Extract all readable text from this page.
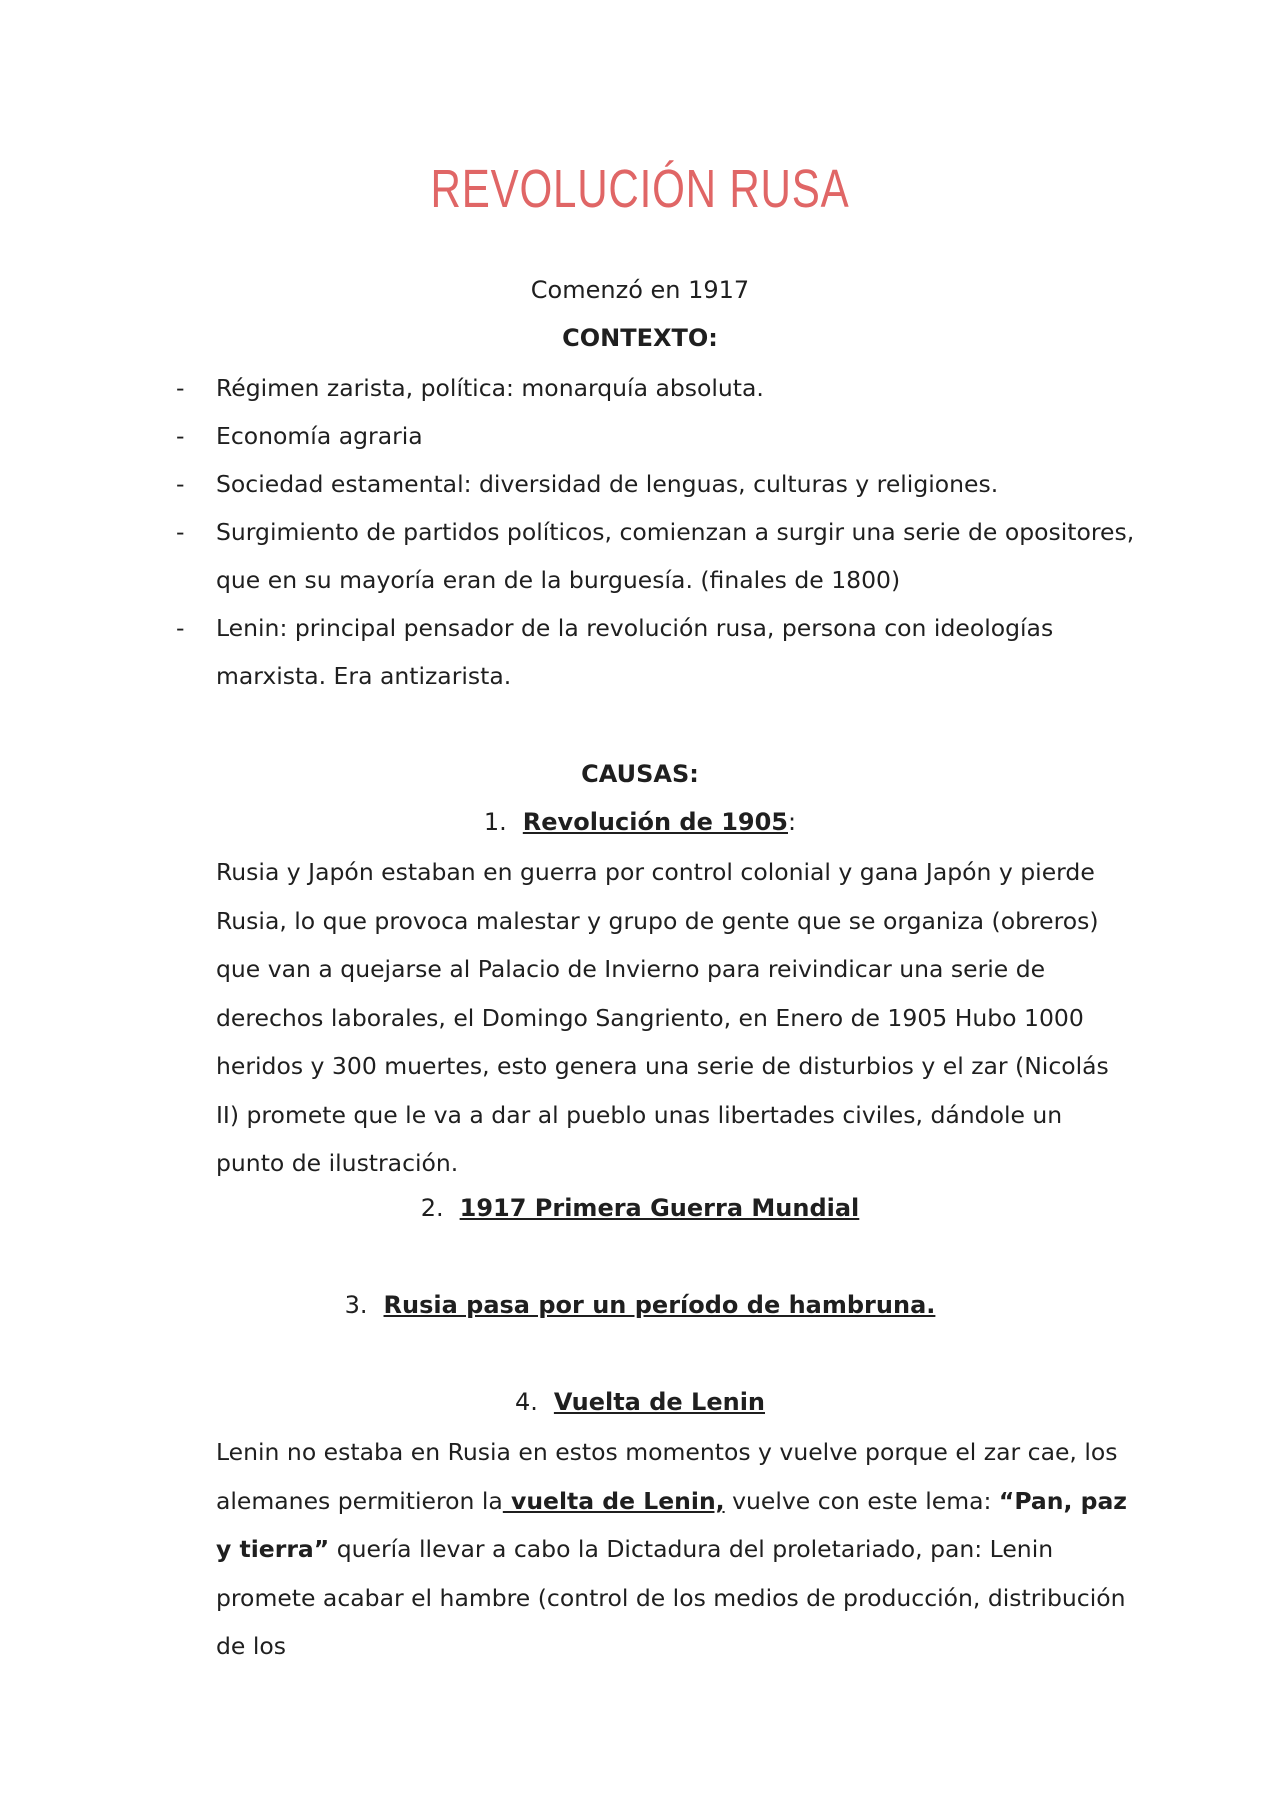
REVOLUCIÓN RUSA
Comenzó en 1917
CONTEXTO:
- Régimen zarista, política: monarquía absoluta.
- Economía agraria
- Sociedad estamental: diversidad de lenguas, culturas y religiones.
- Surgimiento de partidos políticos, comienzan a surgir una serie de opositores, que en su mayoría eran de la burguesía. (finales de 1800)
- Lenin: principal pensador de la revolución rusa, persona con ideologías marxista. Era antizarista.
CAUSAS:
1. Revolución de 1905:
Rusia y Japón estaban en guerra por control colonial y gana Japón y pierde Rusia, lo que provoca malestar y grupo de gente que se organiza (obreros) que van a quejarse al Palacio de Invierno para reivindicar una serie de derechos laborales, el Domingo Sangriento, en Enero de 1905 Hubo 1000 heridos y 300 muertes, esto genera una serie de disturbios y el zar (Nicolás II) promete que le va a dar al pueblo unas libertades civiles, dándole un punto de ilustración.
2. 1917 Primera Guerra Mundial
3. Rusia pasa por un período de hambruna.
4. Vuelta de Lenin
Lenin no estaba en Rusia en estos momentos y vuelve porque el zar cae, los alemanes permitieron la vuelta de Lenin, vuelve con este lema: “Pan, paz y tierra” quería llevar a cabo la Dictadura del proletariado, pan: Lenin promete acabar el hambre (control de los medios de producción, distribución de los
